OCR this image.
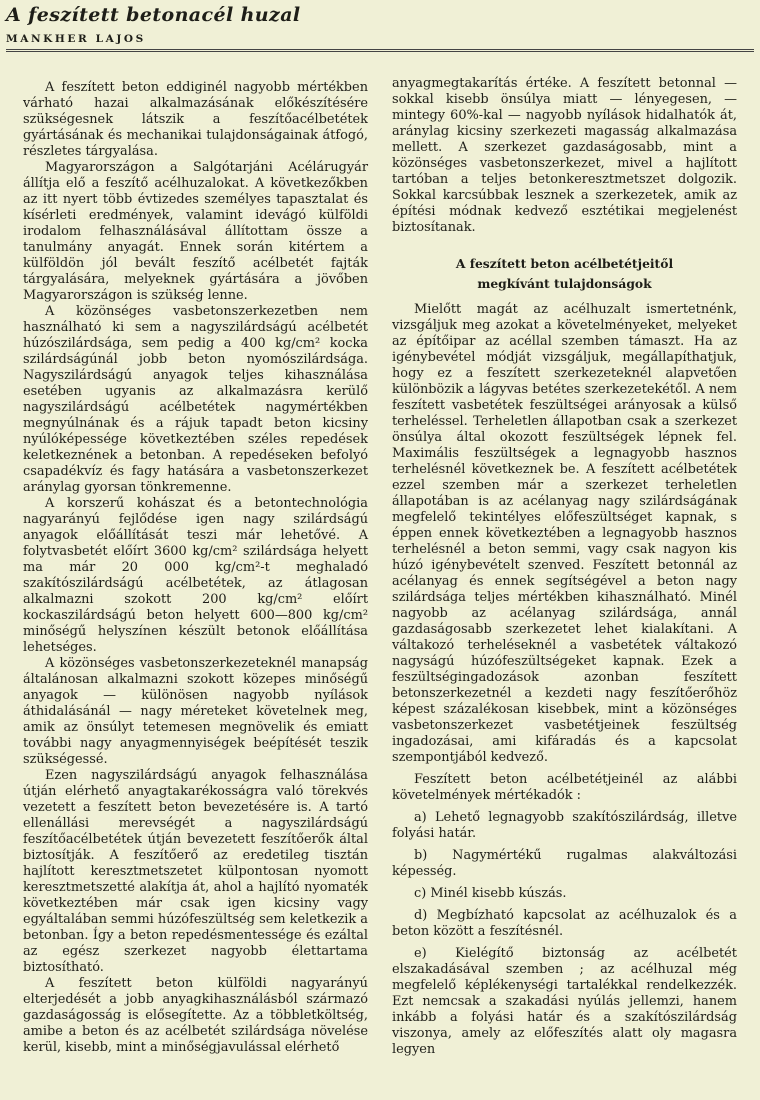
A feszített betonacél huzal
MANKHER LAJOS

A feszített beton eddiginél nagyobb mértékben várható hazai alkalmazásának előkészítésére szükségesnek látszik a feszítőacélbetétek gyártásának és mechanikai tulajdonságainak átfogó, részletes tárgyalása.

Magyarországon a Salgótarjáni Acélárugyár állítja elő a feszítő acélhuzalokat. A következőkben az itt nyert több évtizedes személyes tapasztalat és kísérleti eredmények, valamint idevágó külföldi irodalom felhasználásával állítottam össze a tanulmány anyagát. Ennek során kitértem a külföldön jól bevált feszítő acélbetét fajták tárgyalására, melyeknek gyártására a jövőben Magyarországon is szükség lenne.

A közönséges vasbetonszerkezetben nem használható ki sem a nagyszilárdságú acélbetét húzószilárdsága, sem pedig a 400 kg/cm² kocka szilárdságúnál jobb beton nyomószilárdsága. Nagyszilárdságú anyagok teljes kihasználása esetében ugyanis az alkalmazásra kerülő nagyszilárdságú acélbetétek nagymértékben megnyúlnának és a rájuk tapadt beton kicsiny nyúlóképessége következtében széles repedések keletkeznének a betonban. A repedéseken befolyó csapadékvíz és fagy hatására a vasbetonszerkezet aránylag gyorsan tönkremenne.

A korszerű kohászat és a betontechnológia nagyarányú fejlődése igen nagy szilárdságú anyagok előállítását teszi már lehetővé. A folytvasbetét előírt 3600 kg/cm² szilárdsága helyett ma már 20 000 kg/cm²-t meghaladó szakítószilárdságú acélbetétek, az átlagosan alkalmazni szokott 200 kg/cm² előírt kockaszilárdságú beton helyett 600—800 kg/cm² minőségű helyszínen készült betonok előállítása lehetséges.

A közönséges vasbetonszerkezeteknél manapság általánosan alkalmazni szokott közepes minőségű anyagok — különösen nagyobb nyílások áthidalásánál — nagy méreteket követelnek meg, amik az önsúlyt tetemesen megnövelik és emiatt további nagy anyagmennyiségek beépítését teszik szükségessé.

Ezen nagyszilárdságú anyagok felhasználása útján elérhető anyagtakarékosságra való törekvés vezetett a feszített beton bevezetésére is. A tartó ellenállási merevségét a nagyszilárdságú feszítőacélbetétek útján bevezetett feszítőerők által biztosítják. A feszítőerő az eredetileg tisztán hajlított keresztmetszetet külpontosan nyomott keresztmetszetté alakítja át, ahol a hajlító nyomaték következtében már csak igen kicsiny vagy egyáltalában semmi húzófeszültség sem keletkezik a betonban. Így a beton repedésmentessége és ezáltal az egész szerkezet nagyobb élettartama biztosítható.

A feszített beton külföldi nagyarányú elterjedését a jobb anyagkihasználásból származó gazdaságosság is elősegítette. Az a többletköltség, amibe a beton és az acélbetét szilárdsága növelése kerül, kisebb, mint a minőségjavulással elérhető

anyagmegtakarítás értéke. A feszített betonnal — sokkal kisebb önsúlya miatt — lényegesen, — mintegy 60%-kal — nagyobb nyílások hidalhatók át, aránylag kicsiny szerkezeti magasság alkalmazása mellett. A szerkezet gazdaságosabb, mint a közönséges vasbetonszerkezet, mivel a hajlított tartóban a teljes betonkeresztmetszet dolgozik. Sokkal karcsúbbak lesznek a szerkezetek, amik az építési módnak kedvező esztétikai megjelenést biztosítanak.

A feszített beton acélbetétjeitől
megkívánt tulajdonságok

Mielőtt magát az acélhuzalt ismertetnénk, vizsgáljuk meg azokat a követelményeket, melyeket az építőipar az acéllal szemben támaszt. Ha az igénybevétel módját vizsgáljuk, megállapíthatjuk, hogy ez a feszített szerkezeteknél alapvetően különbözik a lágyvas betétes szerkezetekétől. A nem feszített vasbetétek feszültségei arányosak a külső terheléssel. Terheletlen állapotban csak a szerkezet önsúlya által okozott feszültségek lépnek fel. Maximális feszültségek a legnagyobb hasznos terhelésnél következnek be. A feszített acélbetétek ezzel szemben már a szerkezet terheletlen állapotában is az acélanyag nagy szilárdságának megfelelő tekintélyes előfeszültséget kapnak, s éppen ennek következtében a legnagyobb hasznos terhelésnél a beton semmi, vagy csak nagyon kis húzó igénybevételt szenved. Feszített betonnál az acélanyag és ennek segítségével a beton nagy szilárdsága teljes mértékben kihasználható. Minél nagyobb az acélanyag szilárdsága, annál gazdaságosabb szerkezetet lehet kialakítani. A váltakozó terheléseknél a vasbetétek váltakozó nagyságú húzófeszültségeket kapnak. Ezek a feszültségingadozások azonban feszített betonszerkezetnél a kezdeti nagy feszítőerőhöz képest százalékosan kisebbek, mint a közönséges vasbetonszerkezet vasbetétjeinek feszültség ingadozásai, ami kifáradás és a kapcsolat szempontjából kedvező.

Feszített beton acélbetétjeinél az alábbi követelmények mértékadók :

a) Lehető legnagyobb szakítószilárdság, illetve folyási határ.

b) Nagymértékű rugalmas alakváltozási képesség.

c) Minél kisebb kúszás.

d) Megbízható kapcsolat az acélhuzalok és a beton között a feszítésnél.

e) Kielégítő biztonság az acélbetét elszakadásával szemben ; az acélhuzal még megfelelő képlékenységi tartalékkal rendelkezzék. Ezt nemcsak a szakadási nyúlás jellemzi, hanem inkább a folyási határ és a szakítószilárdság viszonya, amely az előfeszítés alatt oly magasra legyen
